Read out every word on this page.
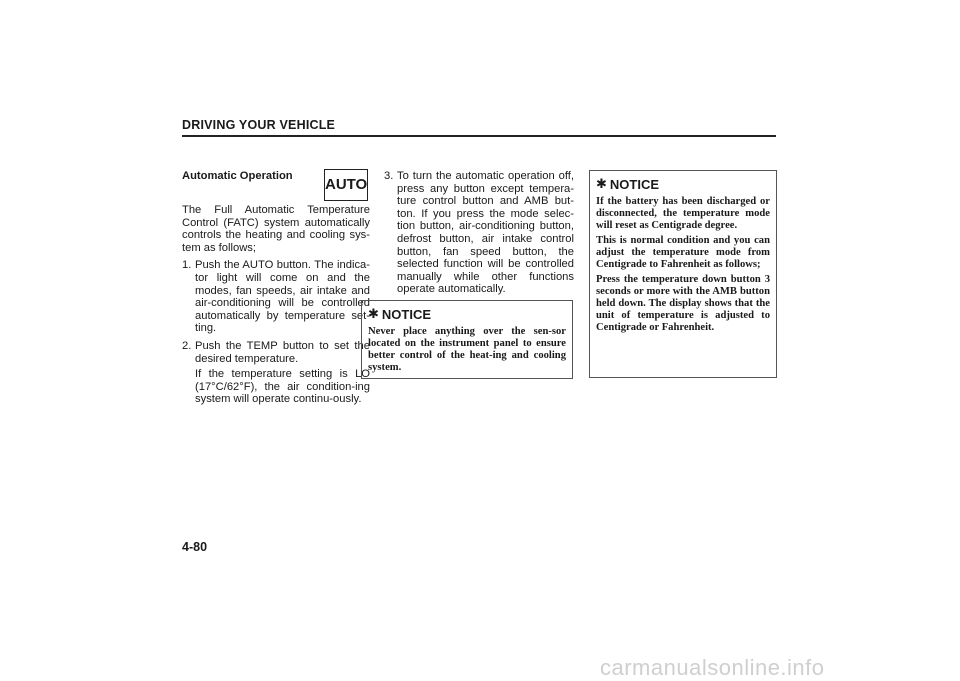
DRIVING YOUR VEHICLE
AUTO
Automatic Operation

The Full Automatic Temperature Control (FATC) system automatically controls the heating and cooling sys-tem as follows;

1. Push the AUTO button. The indica-tor light will come on and the modes, fan speeds, air intake and air-conditioning will be controlled automatically by temperature set-ting.
2. Push the TEMP button to set the desired temperature.

If the temperature setting is LO (17°C/62°F), the air condition-ing system will operate continu-ously.

3. To turn the automatic operation off, press any button except tempera-ture control button and AMB but-ton. If you press the mode selec-tion button, air-conditioning button, defrost button, air intake control button, fan speed button, the selected function will be controlled manually while other functions operate automatically.
✱ NOTICE

Never place anything over the sen-sor located on the instrument panel to ensure better control of the heat-ing and cooling system.

✱ NOTICE

If the battery has been discharged or disconnected, the temperature mode will reset as Centigrade degree.

This is normal condition and you can adjust the temperature mode from Centigrade to Fahrenheit as follows;

Press the temperature down button 3 seconds or more with the AMB button held down. The display shows that the unit of temperature is adjusted to Centigrade or Fahrenheit.

4-80
carmanualsonline.info
